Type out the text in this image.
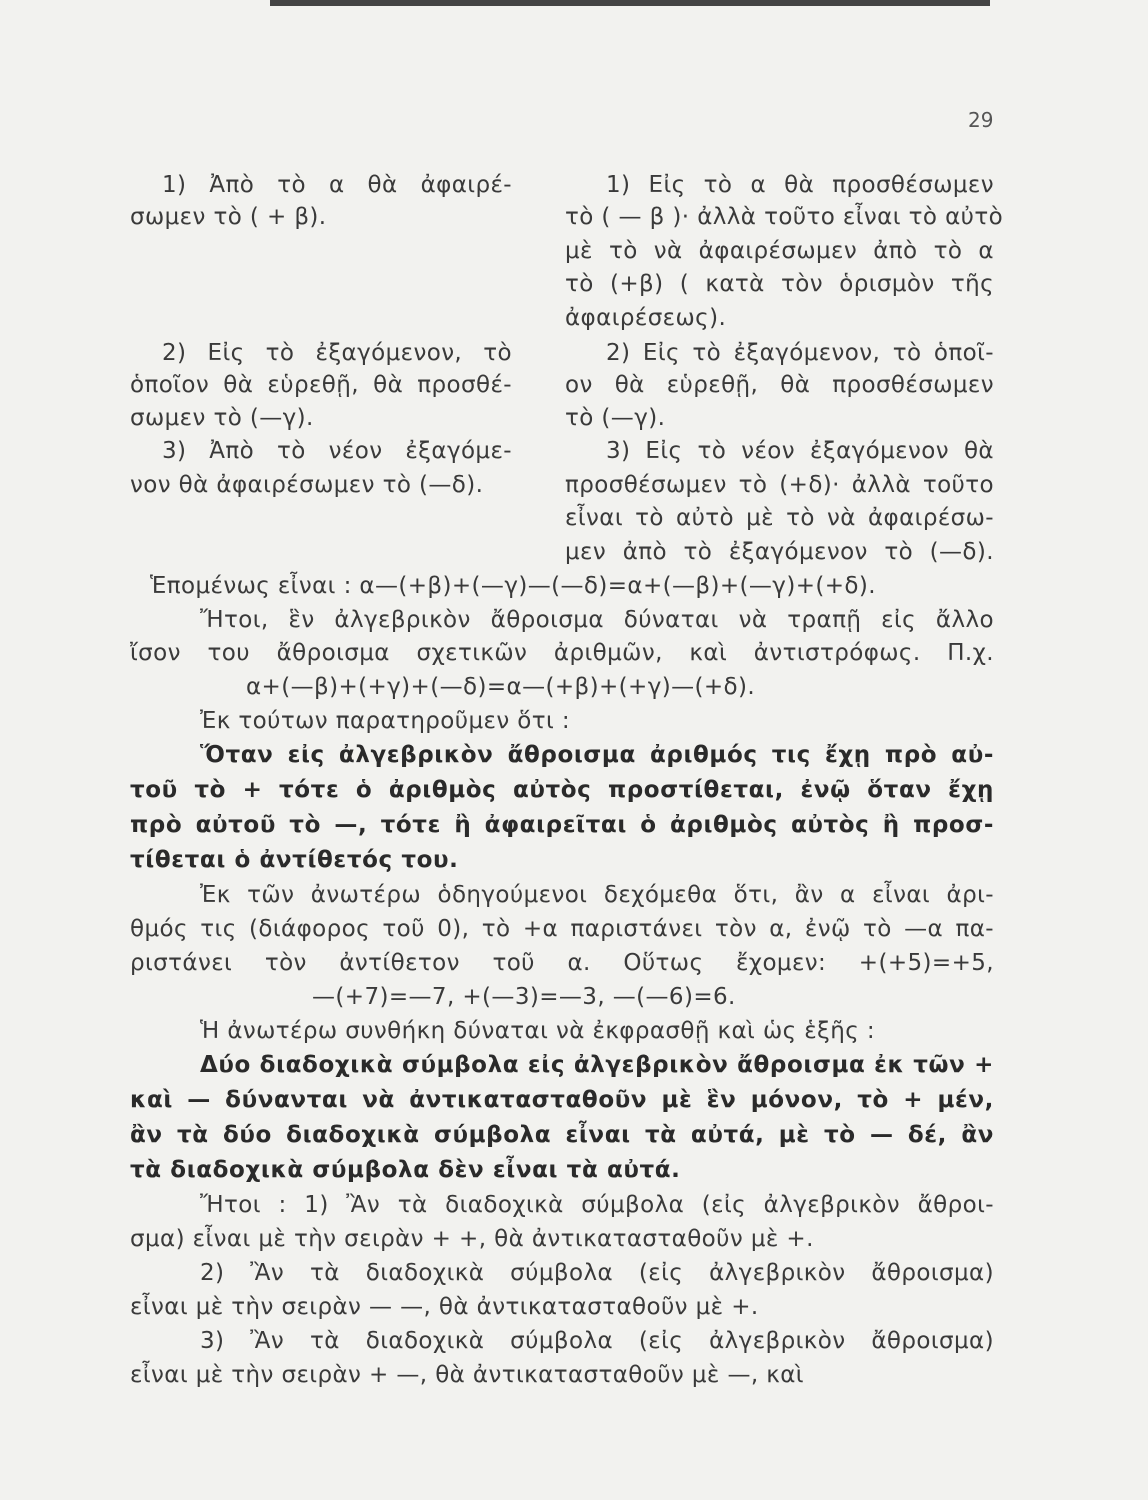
29
1) Ἀπὸ τὸ α θὰ ἀφαιρέ-
σωμεν τὸ ( + β).
2) Εἰς τὸ ἐξαγόμενον, τὸ
ὁποῖον θὰ εὑρεθῇ, θὰ προσθέ-
σωμεν τὸ (—γ).
3) Ἀπὸ τὸ νέον ἐξαγόμε-
νον θὰ ἀφαιρέσωμεν τὸ (—δ).
1) Εἰς τὸ α θὰ προσθέσωμεν
τὸ ( — β )· ἀλλὰ τοῦτο εἶναι τὸ αὐτὸ
μὲ τὸ νὰ ἀφαιρέσωμεν ἀπὸ τὸ α
τὸ (+β) ( κατὰ τὸν ὁρισμὸν τῆς
ἀφαιρέσεως).
2) Εἰς τὸ ἐξαγόμενον, τὸ ὁποῖ-
ον θὰ εὑρεθῇ, θὰ προσθέσωμεν
τὸ (—γ).
3) Εἰς τὸ νέον ἐξαγόμενον θὰ
προσθέσωμεν τὸ (+δ)· ἀλλὰ τοῦτο
εἶναι τὸ αὐτὸ μὲ τὸ νὰ ἀφαιρέσω-
μεν ἀπὸ τὸ ἐξαγόμενον τὸ (—δ).
Ἑπομένως εἶναι : α—(+β)+(—γ)—(—δ)=α+(—β)+(—γ)+(+δ).
Ἤτοι, ἓν ἀλγεβρικὸν ἄθροισμα δύναται νὰ τραπῇ εἰς ἄλλο
ἴσον του ἄθροισμα σχετικῶν ἀριθμῶν, καὶ ἀντιστρόφως. Π.χ.
α+(—β)+(+γ)+(—δ)=α—(+β)+(+γ)—(+δ).
Ἐκ τούτων παρατηροῦμεν ὅτι :
Ὅταν εἰς ἀλγεβρικὸν ἄθροισμα ἀριθμός τις ἔχῃ πρὸ αὐ-
τοῦ τὸ + τότε ὁ ἀριθμὸς αὐτὸς προστίθεται, ἐνῷ ὅταν ἔχῃ
πρὸ αὐτοῦ τὸ —, τότε ἢ ἀφαιρεῖται ὁ ἀριθμὸς αὐτὸς ἢ προσ-
τίθεται ὁ ἀντίθετός του.
Ἐκ τῶν ἀνωτέρω ὁδηγούμενοι δεχόμεθα ὅτι, ἂν α εἶναι ἀρι-
θμός τις (διάφορος τοῦ 0), τὸ +α παριστάνει τὸν α, ἐνῷ τὸ —α πα-
ριστάνει τὸν ἀντίθετον τοῦ α. Οὕτως ἔχομεν: +(+5)=+5,
—(+7)=—7, +(—3)=—3, —(—6)=6.
Ἡ ἀνωτέρω συνθήκη δύναται νὰ ἐκφρασθῇ καὶ ὡς ἑξῆς :
Δύο διαδοχικὰ σύμβολα εἰς ἀλγεβρικὸν ἄθροισμα ἐκ τῶν +
καὶ — δύνανται νὰ ἀντικατασταθοῦν μὲ ἓν μόνον, τὸ + μέν,
ἂν τὰ δύο διαδοχικὰ σύμβολα εἶναι τὰ αὐτά, μὲ τὸ — δέ, ἂν
τὰ διαδοχικὰ σύμβολα δὲν εἶναι τὰ αὐτά.
Ἤτοι : 1) Ἂν τὰ διαδοχικὰ σύμβολα (εἰς ἀλγεβρικὸν ἄθροι-
σμα) εἶναι μὲ τὴν σειρὰν + +, θὰ ἀντικατασταθοῦν μὲ +.
2) Ἂν τὰ διαδοχικὰ σύμβολα (εἰς ἀλγεβρικὸν ἄθροισμα)
εἶναι μὲ τὴν σειρὰν — —, θὰ ἀντικατασταθοῦν μὲ +.
3) Ἂν τὰ διαδοχικὰ σύμβολα (εἰς ἀλγεβρικὸν ἄθροισμα)
εἶναι μὲ τὴν σειρὰν + —, θὰ ἀντικατασταθοῦν μὲ —, καὶ
